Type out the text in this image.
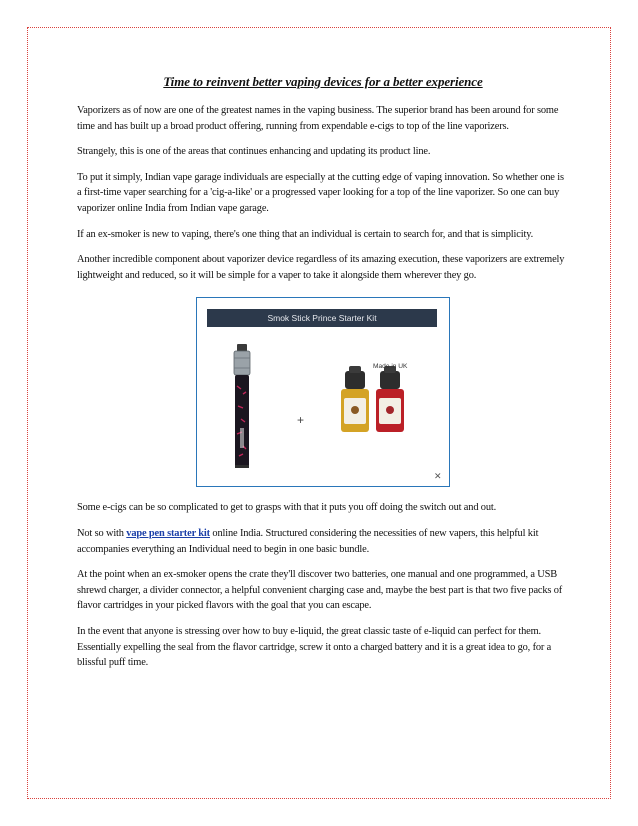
Time to reinvent better vaping devices for a better experience

Vaporizers as of now are one of the greatest names in the vaping business. The superior brand has been around for some time and has built up a broad product offering, running from expendable e-cigs to top of the line vaporizers.

Strangely, this is one of the areas that continues enhancing and updating its product line.

To put it simply, Indian vape garage individuals are especially at the cutting edge of vaping innovation. So whether one is a first-time vaper searching for a 'cig-a-like' or a progressed vaper looking for a top of the line vaporizer. So one can buy vaporizer online India from Indian vape garage.

If an ex-smoker is new to vaping, there's one thing that an individual is certain to search for, and that is simplicity.

Another incredible component about vaporizer device regardless of its amazing execution, these vaporizers are extremely lightweight and reduced, so it will be simple for a vaper to take it alongside them wherever they go.

Smok Stick Prince Starter Kit
Made in UK
+
✕

Some e-cigs can be so complicated to get to grasps with that it puts you off doing the switch out and out.

Not so with vape pen starter kit online India. Structured considering the necessities of new vapers, this helpful kit accompanies everything an Individual need to begin in one basic bundle.

At the point when an ex-smoker opens the crate they'll discover two batteries, one manual and one programmed, a USB shrewd charger, a divider connector, a helpful convenient charging case and, maybe the best part is that two five packs of flavor cartridges in your picked flavors with the goal that you can escape.

In the event that anyone is stressing over how to buy e-liquid, the great classic taste of e-liquid can perfect for them. Essentially expelling the seal from the flavor cartridge, screw it onto a charged battery and it is a great idea to go, for a blissful puff time.
